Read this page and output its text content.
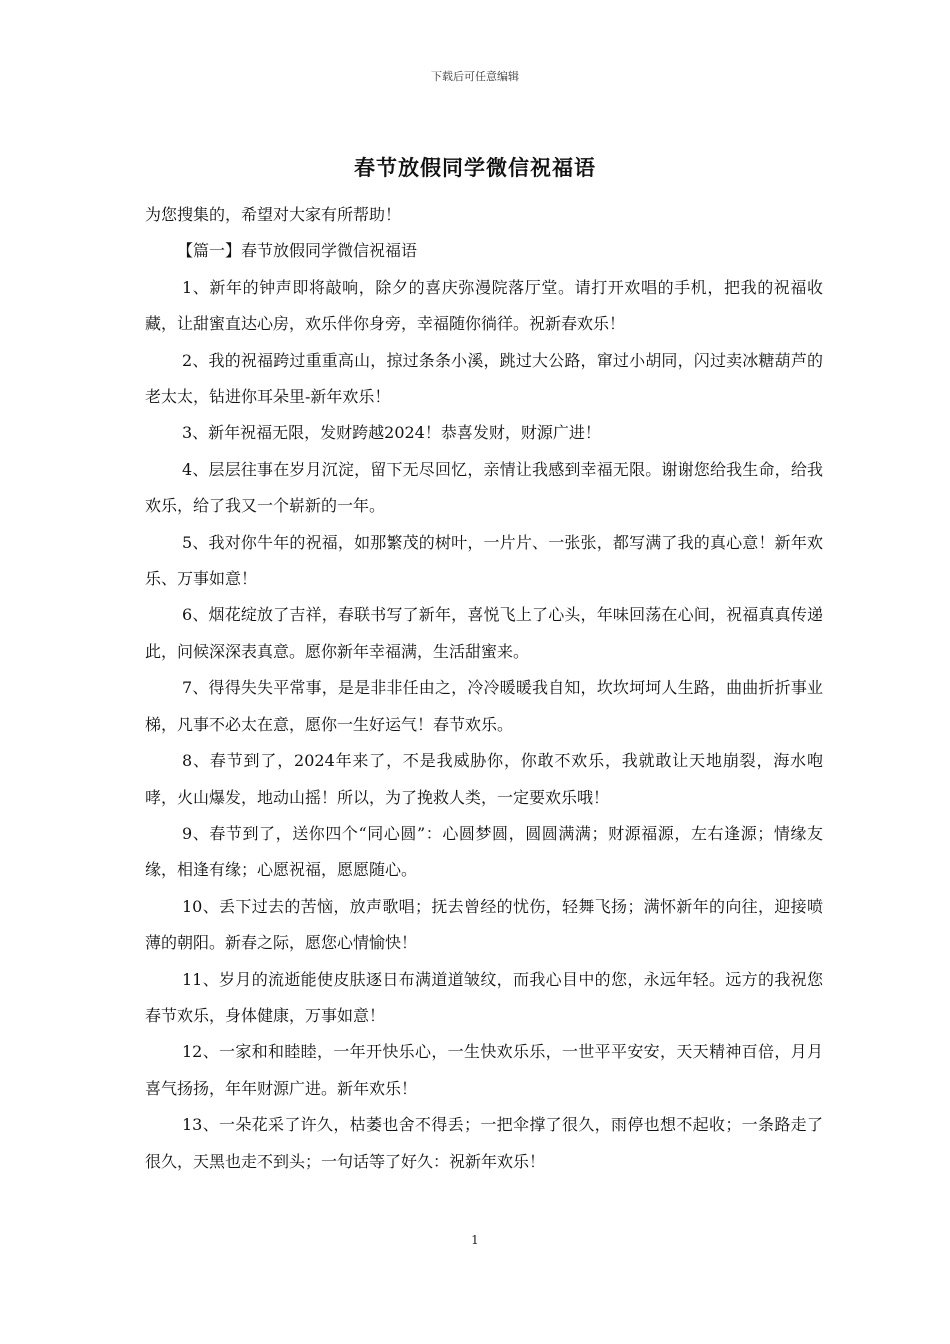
下载后可任意编辑
春节放假同学微信祝福语

为您搜集的，希望对大家有所帮助！

【篇一】春节放假同学微信祝福语

1、新年的钟声即将敲响，除夕的喜庆弥漫院落厅堂。请打开欢唱的手机，把我的祝福收藏，让甜蜜直达心房，欢乐伴你身旁，幸福随你徜徉。祝新春欢乐！

2、我的祝福跨过重重高山，掠过条条小溪，跳过大公路，窜过小胡同，闪过卖冰糖葫芦的老太太，钻进你耳朵里-新年欢乐！

3、新年祝福无限，发财跨越2024！恭喜发财，财源广进！

4、层层往事在岁月沉淀，留下无尽回忆，亲情让我感到幸福无限。谢谢您给我生命，给我欢乐，给了我又一个崭新的一年。

5、我对你牛年的祝福，如那繁茂的树叶，一片片、一张张，都写满了我的真心意！新年欢乐、万事如意！

6、烟花绽放了吉祥，春联书写了新年，喜悦飞上了心头，年味回荡在心间，祝福真真传递此，问候深深表真意。愿你新年幸福满，生活甜蜜来。

7、得得失失平常事，是是非非任由之，冷冷暖暖我自知，坎坎坷坷人生路，曲曲折折事业梯，凡事不必太在意，愿你一生好运气！春节欢乐。

8、春节到了，2024年来了，不是我威胁你，你敢不欢乐，我就敢让天地崩裂，海水咆哮，火山爆发，地动山摇！所以，为了挽救人类，一定要欢乐哦！

9、春节到了，送你四个“同心圆”：心圆梦圆，圆圆满满；财源福源，左右逢源；情缘友缘，相逢有缘；心愿祝福，愿愿随心。

10、丢下过去的苦恼，放声歌唱；抚去曾经的忧伤，轻舞飞扬；满怀新年的向往，迎接喷薄的朝阳。新春之际，愿您心情愉快！

11、岁月的流逝能使皮肤逐日布满道道皱纹，而我心目中的您，永远年轻。远方的我祝您春节欢乐，身体健康，万事如意！

12、一家和和睦睦，一年开快乐心，一生快欢乐乐，一世平平安安，天天精神百倍，月月喜气扬扬，年年财源广进。新年欢乐！

13、一朵花采了许久，枯萎也舍不得丢；一把伞撑了很久，雨停也想不起收；一条路走了很久，天黑也走不到头；一句话等了好久：祝新年欢乐！

1
